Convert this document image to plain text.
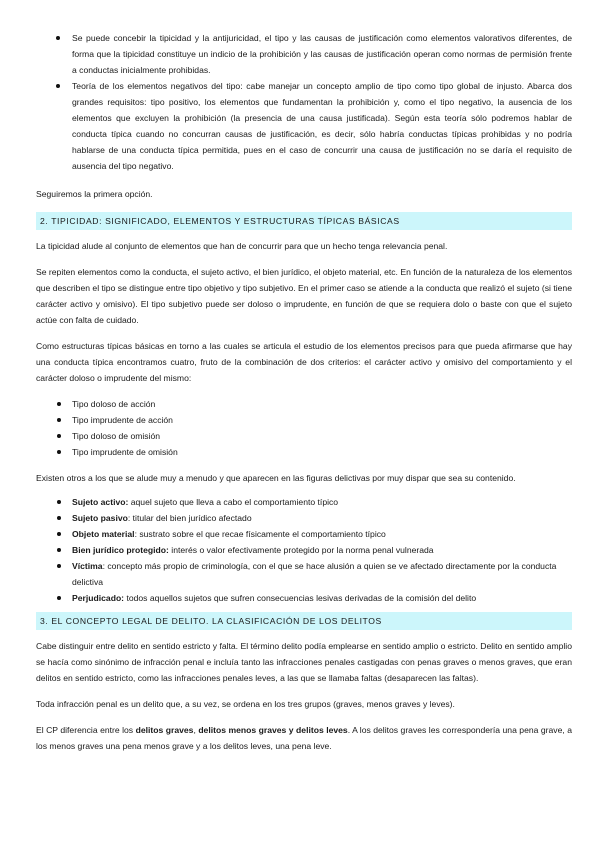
Se puede concebir la tipicidad y la antijuricidad, el tipo y las causas de justificación como elementos valorativos diferentes, de forma que la tipicidad constituye un indicio de la prohibición y las causas de justificación operan como normas de permisión frente a conductas inicialmente prohibidas.
Teoría de los elementos negativos del tipo: cabe manejar un concepto amplio de tipo como tipo global de injusto. Abarca dos grandes requisitos: tipo positivo, los elementos que fundamentan la prohibición y, como el tipo negativo, la ausencia de los elementos que excluyen la prohibición (la presencia de una causa justificada). Según esta teoría sólo podremos hablar de conducta típica cuando no concurran causas de justificación, es decir, sólo habría conductas típicas prohibidas y no podría hablarse de una conducta típica permitida, pues en el caso de concurrir una causa de justificación no se daría el requisito de ausencia del tipo negativo.

Seguiremos la primera opción.

2. TIPICIDAD: SIGNIFICADO, ELEMENTOS Y ESTRUCTURAS TÍPICAS BÁSICAS

La tipicidad alude al conjunto de elementos que han de concurrir para que un hecho tenga relevancia penal.

Se repiten elementos como la conducta, el sujeto activo, el bien jurídico, el objeto material, etc. En función de la naturaleza de los elementos que describen el tipo se distingue entre tipo objetivo y tipo subjetivo. En el primer caso se atiende a la conducta que realizó el sujeto (si tiene carácter activo y omisivo). El tipo subjetivo puede ser doloso o imprudente, en función de que se requiera dolo o baste con que el sujeto actúe con falta de cuidado.

Como estructuras típicas básicas en torno a las cuales se articula el estudio de los elementos precisos para que pueda afirmarse que hay una conducta típica encontramos cuatro, fruto de la combinación de dos criterios: el carácter activo y omisivo del comportamiento y el carácter doloso o imprudente del mismo:

Tipo doloso de acción
Tipo imprudente de acción
Tipo doloso de omisión
Tipo imprudente de omisión

Existen otros a los que se alude muy a menudo y que aparecen en las figuras delictivas por muy dispar que sea su contenido.

Sujeto activo: aquel sujeto que lleva a cabo el comportamiento típico
Sujeto pasivo: titular del bien jurídico afectado
Objeto material: sustrato sobre el que recae físicamente el comportamiento típico
Bien jurídico protegido: interés o valor efectivamente protegido por la norma penal vulnerada
Víctima: concepto más propio de criminología, con el que se hace alusión a quien se ve afectado directamente por la conducta delictiva
Perjudicado: todos aquellos sujetos que sufren consecuencias lesivas derivadas de la comisión del delito
3. EL CONCEPTO LEGAL DE DELITO. LA CLASIFICACIÓN DE LOS DELITOS

Cabe distinguir entre delito en sentido estricto y falta. El término delito podía emplearse en sentido amplio o estricto. Delito en sentido amplio se hacía como sinónimo de infracción penal e incluía tanto las infracciones penales castigadas con penas graves o menos graves, que eran delitos en sentido estricto, como las infracciones penales leves, a las que se llamaba faltas (desaparecen las faltas).

Toda infracción penal es un delito que, a su vez, se ordena en los tres grupos (graves, menos graves y leves).

El CP diferencia entre los delitos graves, delitos menos graves y delitos leves. A los delitos graves les correspondería una pena grave, a los menos graves una pena menos grave y a los delitos leves, una pena leve.
